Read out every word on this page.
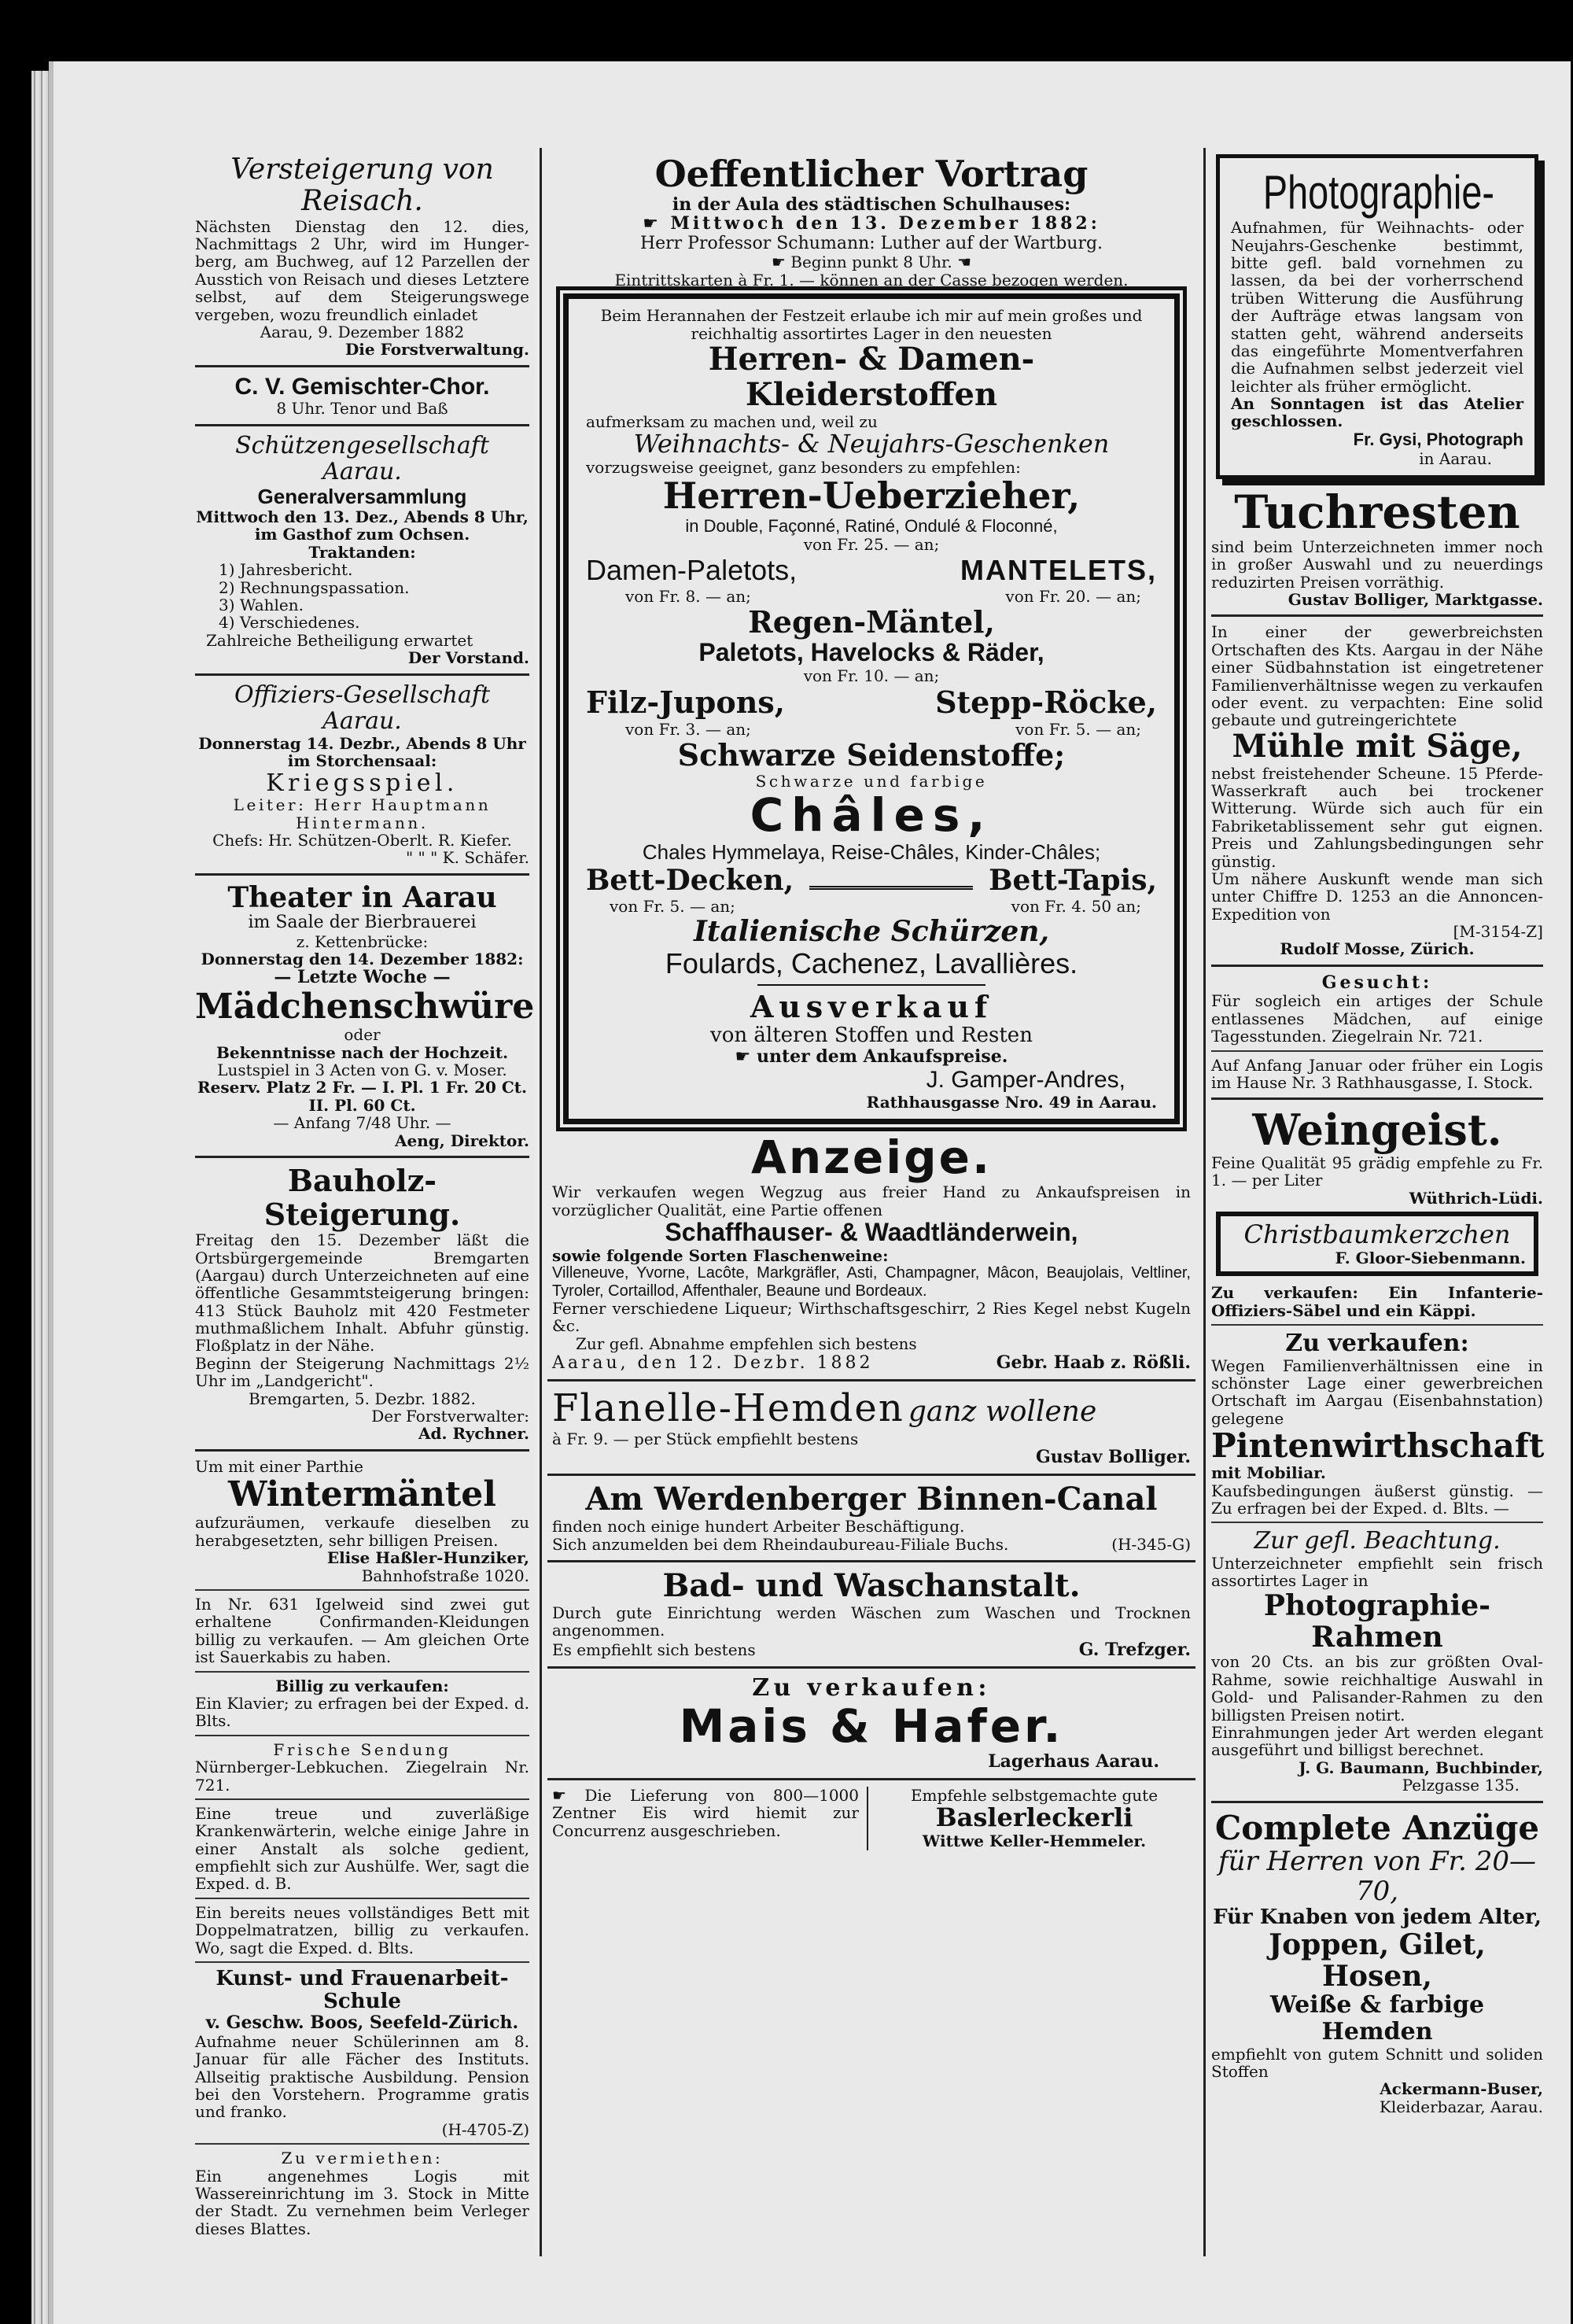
Versteigerung von Reisach.

Nächsten Dienstag den 12. dies, Nachmittags 2 Uhr, wird im Hunger-berg, am Buchweg, auf 12 Parzellen der Ausstich von Reisach und dieses Letztere selbst, auf dem Steigerungswege vergeben, wozu freundlich einladet

Aarau, 9. Dezember 1882

Die Forstverwaltung.

C. V. Gemischter-Chor.

8 Uhr. Tenor und Baß

Schützengesellschaft Aarau.

Generalversammlung

Mittwoch den 13. Dez., Abends 8 Uhr, im Gasthof zum Ochsen.

Traktanden:

1) Jahresbericht.

2) Rechnungspassation.

3) Wahlen.

4) Verschiedenes.

Zahlreiche Betheiligung erwartet

Der Vorstand.

Offiziers-Gesellschaft Aarau.

Donnerstag 14. Dezbr., Abends 8 Uhr im Storchensaal:

Kriegsspiel.

Leiter: Herr Hauptmann Hintermann.

Chefs: Hr. Schützen-Oberlt. R. Kiefer.

" " " K. Schäfer.

Theater in Aarau

im Saale der Bierbrauerei

z. Kettenbrücke:

Donnerstag den 14. Dezember 1882:

— Letzte Woche —

Mädchenschwüre

oder

Bekenntnisse nach der Hochzeit.

Lustspiel in 3 Acten von G. v. Moser.

Reserv. Platz 2 Fr. — I. Pl. 1 Fr. 20 Ct.

II. Pl. 60 Ct.

— Anfang 7/48 Uhr. —

Aeng, Direktor.

Bauholz-Steigerung.

Freitag den 15. Dezember läßt die Ortsbürgergemeinde Bremgarten (Aargau) durch Unterzeichneten auf eine öffentliche Gesammtsteigerung bringen: 413 Stück Bauholz mit 420 Festmeter muthmaßlichem Inhalt. Abfuhr günstig. Floßplatz in der Nähe.

Beginn der Steigerung Nachmittags 2½ Uhr im „Landgericht".

Bremgarten, 5. Dezbr. 1882.

Der Forstverwalter:

Ad. Rychner.

Um mit einer Parthie

Wintermäntel

aufzuräumen, verkaufe dieselben zu herabgesetzten, sehr billigen Preisen.

Elise Haßler-Hunziker,

Bahnhofstraße 1020.

In Nr. 631 Igelweid sind zwei gut erhaltene Confirmanden-Kleidungen billig zu verkaufen. — Am gleichen Orte ist Sauerkabis zu haben.

Billig zu verkaufen:

Ein Klavier; zu erfragen bei der Exped. d. Blts.

Frische Sendung

Nürnberger-Lebkuchen. Ziegelrain Nr. 721.

Eine treue und zuverläßige Krankenwärterin, welche einige Jahre in einer Anstalt als solche gedient, empfiehlt sich zur Aushülfe. Wer, sagt die Exped. d. B.

Ein bereits neues vollständiges Bett mit Doppelmatratzen, billig zu verkaufen. Wo, sagt die Exped. d. Blts.

Kunst- und Frauenarbeit-Schule

v. Geschw. Boos, Seefeld-Zürich.

Aufnahme neuer Schülerinnen am 8. Januar für alle Fächer des Instituts. Allseitig praktische Ausbildung. Pension bei den Vorstehern. Programme gratis und franko.

(H-4705-Z)

Zu vermiethen:

Ein angenehmes Logis mit Wassereinrichtung im 3. Stock in Mitte der Stadt. Zu vernehmen beim Verleger dieses Blattes.

Oeffentlicher Vortrag

in der Aula des städtischen Schulhauses:

☛ Mittwoch den 13. Dezember 1882:

Herr Professor Schumann: Luther auf der Wartburg.

☛ Beginn punkt 8 Uhr. ☚

Eintrittskarten à Fr. 1. — können an der Casse bezogen werden.

Beim Herannahen der Festzeit erlaube ich mir auf mein großes und reichhaltig assortirtes Lager in den neuesten

Herren- & Damen-Kleiderstoffen

aufmerksam zu machen und, weil zu

Weihnachts- & Neujahrs-Geschenken

vorzugsweise geeignet, ganz besonders zu empfehlen:

Herren-Ueberzieher,

in Double, Façonné, Ratiné, Ondulé & Floconné,

von Fr. 25. — an;

Damen-Paletots,	MANTELETS,
von Fr. 8. — an;	von Fr. 20. — an;

Regen-Mäntel,

Paletots, Havelocks & Räder,

von Fr. 10. — an;

Filz-Jupons,	Stepp-Röcke,
von Fr. 3. — an;	von Fr. 5. — an;

Schwarze Seidenstoffe;

Schwarze und farbige

Châles,

Chales Hymmelaya, Reise-Châles, Kinder-Châles;

Bett-Decken,	Bett-Tapis,
von Fr. 5. — an;	von Fr. 4. 50 an;

Italienische Schürzen,

Foulards, Cachenez, Lavallières.

Ausverkauf

von älteren Stoffen und Resten

☛ unter dem Ankaufspreise.

J. Gamper-Andres,

Rathhausgasse Nro. 49 in Aarau.

Anzeige.

Wir verkaufen wegen Wegzug aus freier Hand zu Ankaufspreisen in vorzüglicher Qualität, eine Partie offenen

Schaffhauser- & Waadtländerwein,

sowie folgende Sorten Flaschenweine:

Villeneuve, Yvorne, Lacôte, Markgräfler, Asti, Champagner, Mâcon, Beaujolais, Veltliner, Tyroler, Cortaillod, Affenthaler, Beaune und Bordeaux.

Ferner verschiedene Liqueur; Wirthschaftsgeschirr, 2 Ries Kegel nebst Kugeln &c.

Zur gefl. Abnahme empfehlen sich bestens

Aarau, den 12. Dezbr. 1882	Gebr. Haab z. Rößli.

Flanelle-Hemden ganz wollene

à Fr. 9. — per Stück empfiehlt bestens

Gustav Bolliger.

Am Werdenberger Binnen-Canal

finden noch einige hundert Arbeiter Beschäftigung.

Sich anzumelden bei dem Rheindaubureau-Filiale Buchs.	(H-345-G)

Bad- und Waschanstalt.

Durch gute Einrichtung werden Wäschen zum Waschen und Trocknen angenommen.

Es empfiehlt sich bestens	G. Trefzger.

Zu verkaufen:

Mais & Hafer.

Lagerhaus Aarau.

☛ Die Lieferung von 800—1000 Zentner Eis wird hiemit zur Concurrenz ausgeschrieben.

Empfehle selbstgemachte gute

Baslerleckerli

Wittwe Keller-Hemmeler.

Photographie-

Aufnahmen, für Weihnachts- oder Neujahrs-Geschenke bestimmt, bitte gefl. bald vornehmen zu lassen, da bei der vorherrschend trüben Witterung die Ausführung der Aufträge etwas langsam von statten geht, während anderseits das eingeführte Momentverfahren die Aufnahmen selbst jederzeit viel leichter als früher ermöglicht.

An Sonntagen ist das Atelier geschlossen.

Fr. Gysi, Photograph

in Aarau.

Tuchresten

sind beim Unterzeichneten immer noch in großer Auswahl und zu neuerdings reduzirten Preisen vorräthig.

Gustav Bolliger, Marktgasse.

In einer der gewerbreichsten Ortschaften des Kts. Aargau in der Nähe einer Südbahnstation ist eingetretener Familienverhältnisse wegen zu verkaufen oder event. zu verpachten: Eine solid gebaute und gutreingerichtete

Mühle mit Säge,

nebst freistehender Scheune. 15 Pferde-Wasserkraft auch bei trockener Witterung. Würde sich auch für ein Fabriketablissement sehr gut eignen. Preis und Zahlungsbedingungen sehr günstig.

Um nähere Auskunft wende man sich unter Chiffre D. 1253 an die Annoncen-Expedition von

[M-3154-Z]

Rudolf Mosse, Zürich.

Gesucht:

Für sogleich ein artiges der Schule entlassenes Mädchen, auf einige Tagesstunden. Ziegelrain Nr. 721.

Auf Anfang Januar oder früher ein Logis im Hause Nr. 3 Rathhausgasse, I. Stock.

Weingeist.

Feine Qualität 95 grädig empfehle zu Fr. 1. — per Liter

Wüthrich-Lüdi.

Christbaumkerzchen

F. Gloor-Siebenmann.

Zu verkaufen: Ein Infanterie-Offiziers-Säbel und ein Käppi.

Zu verkaufen:

Wegen Familienverhältnissen eine in schönster Lage einer gewerbreichen Ortschaft im Aargau (Eisenbahnstation) gelegene

Pintenwirthschaft

mit Mobiliar.

Kaufsbedingungen äußerst günstig. — Zu erfragen bei der Exped. d. Blts. —

Zur gefl. Beachtung.

Unterzeichneter empfiehlt sein frisch assortirtes Lager in

Photographie-Rahmen

von 20 Cts. an bis zur größten Oval-Rahme, sowie reichhaltige Auswahl in Gold- und Palisander-Rahmen zu den billigsten Preisen notirt.

Einrahmungen jeder Art werden elegant ausgeführt und billigst berechnet.

J. G. Baumann, Buchbinder,

Pelzgasse 135.

Complete Anzüge

für Herren von Fr. 20—70,

Für Knaben von jedem Alter,

Joppen, Gilet, Hosen,

Weiße & farbige Hemden

empfiehlt von gutem Schnitt und soliden Stoffen

Ackermann-Buser,

Kleiderbazar, Aarau.
